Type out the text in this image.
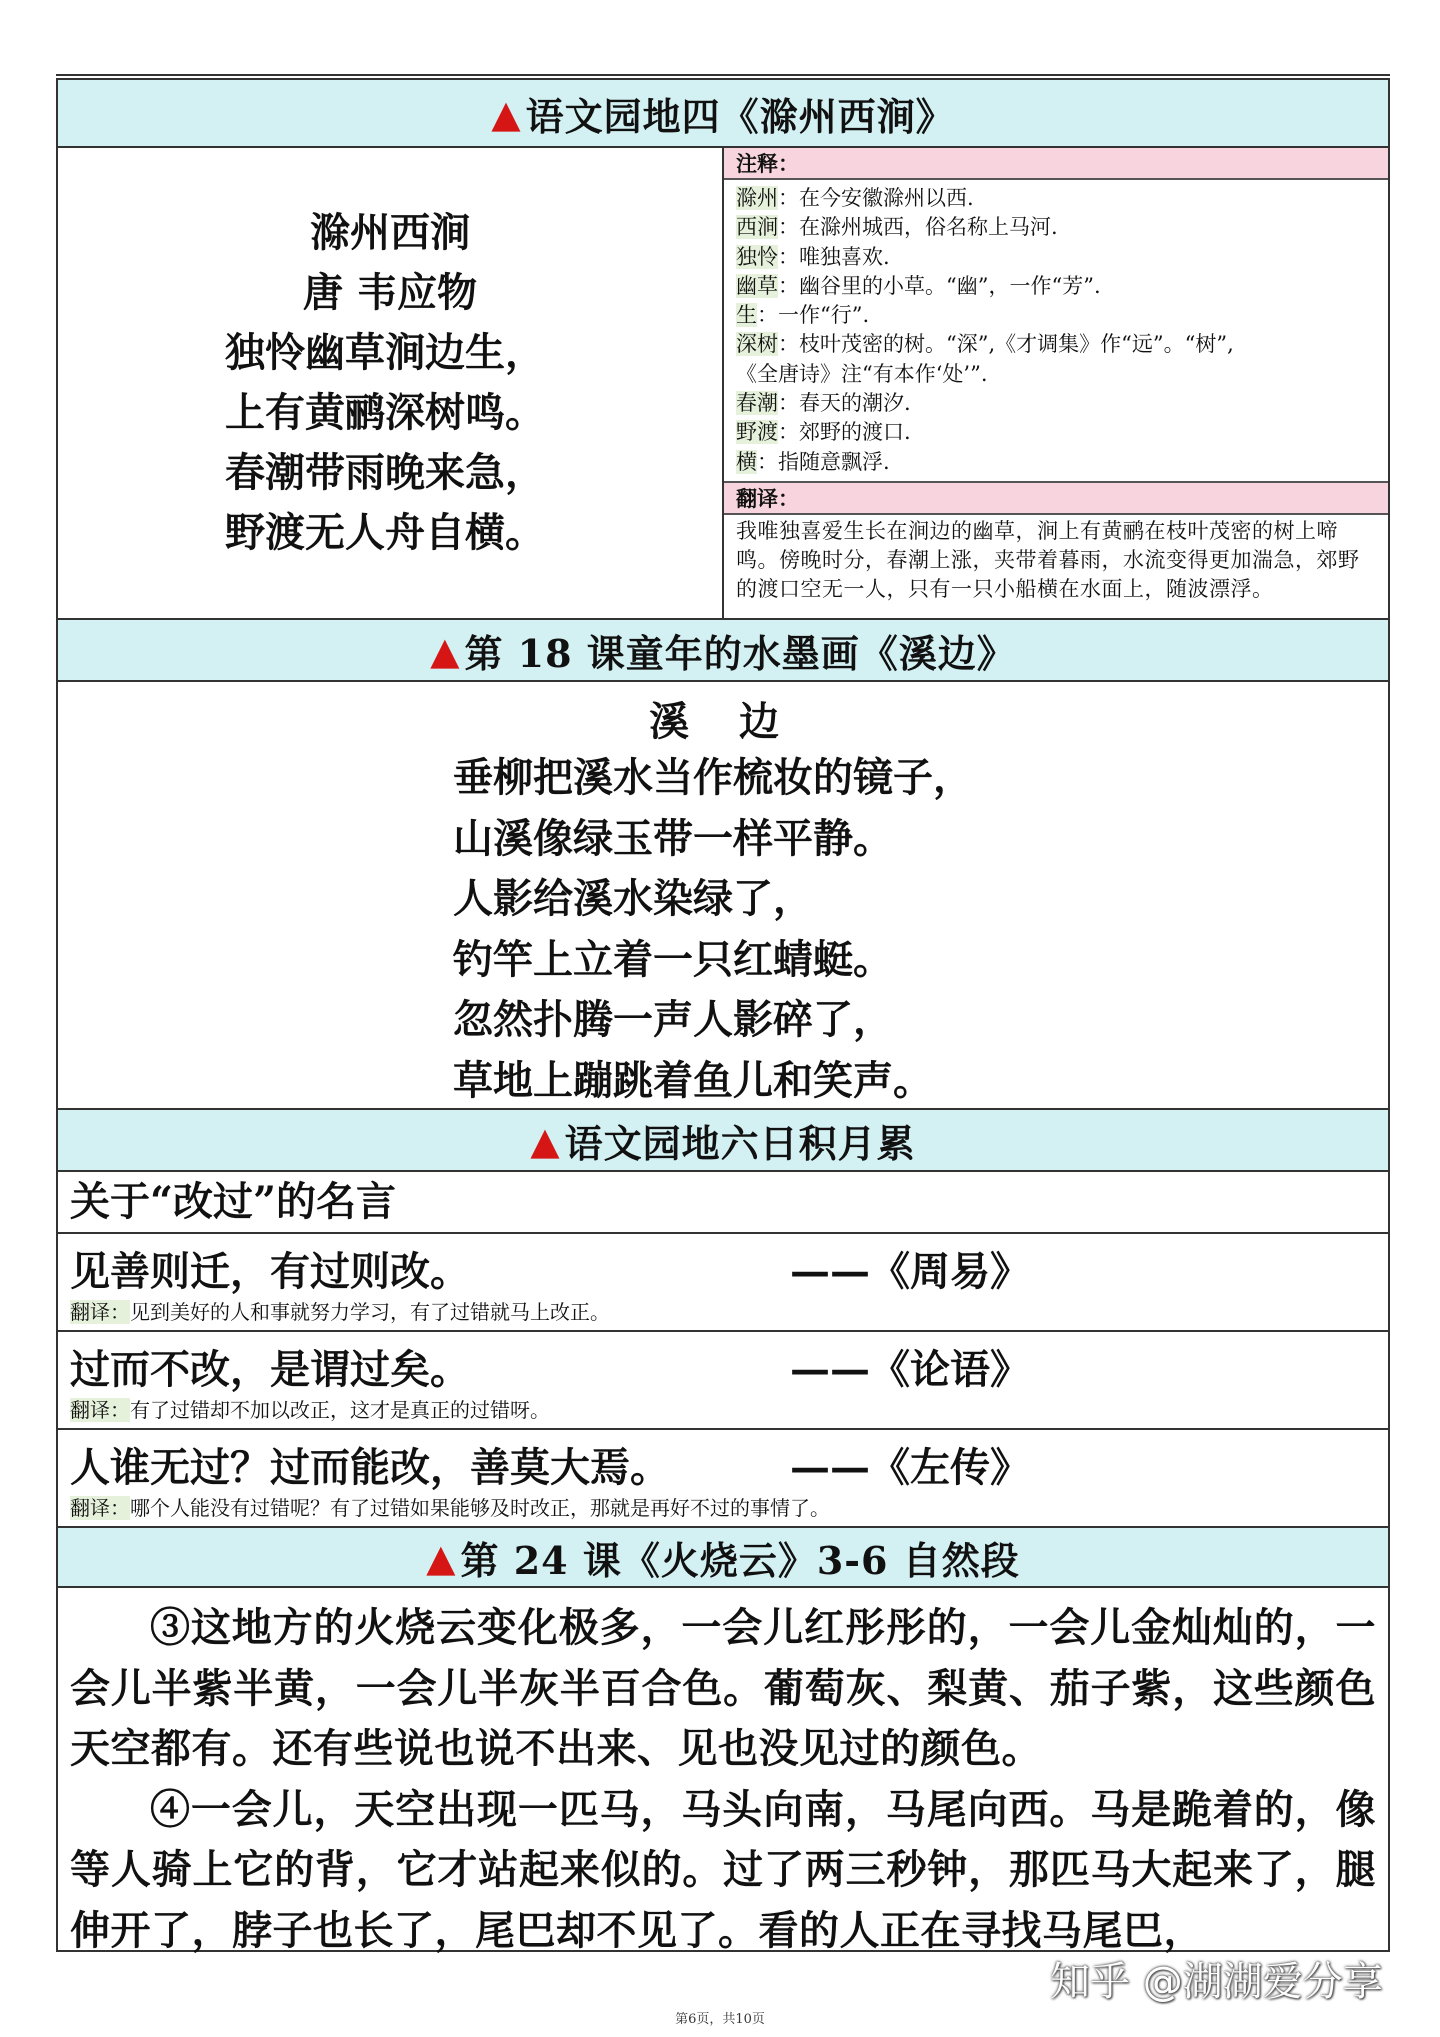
▲ 语文园地四《滁州西涧》
滁州西涧
唐 韦应物
独怜幽草涧边生，
上有黄鹂深树鸣。
春潮带雨晚来急，
野渡无人舟自横。
注释：
滁州：在今安徽滁州以西.
西涧：在滁州城西，俗名称上马河.
独怜：唯独喜欢.
幽草：幽谷里的小草。“幽”，一作“芳”.
生：一作“行”.
深树：枝叶茂密的树。“深”,《才调集》作“远”。“树”,
《全唐诗》注“有本作‘处’”.
春潮：春天的潮汐.
野渡：郊野的渡口.
横：指随意飘浮.
翻译：
我唯独喜爱生长在涧边的幽草，涧上有黄鹂在枝叶茂密的树上啼鸣。傍晚时分，春潮上涨，夹带着暮雨，水流变得更加湍急，郊野的渡口空无一人，只有一只小船横在水面上，随波漂浮。
▲ 第 18 课童年的水墨画《溪边》
溪 边
垂柳把溪水当作梳妆的镜子，
山溪像绿玉带一样平静。
人影给溪水染绿了，
钓竿上立着一只红蜻蜓。
忽然扑腾一声人影碎了，
草地上蹦跳着鱼儿和笑声。
▲ 语文园地六日积月累
关于“改过”的名言
见善则迁，有过则改。	——《周易》
翻译：见到美好的人和事就努力学习，有了过错就马上改正。
过而不改，是谓过矣。	——《论语》
翻译：有了过错却不加以改正，这才是真正的过错呀。
人谁无过？过而能改，善莫大焉。	——《左传》
翻译：哪个人能没有过错呢？有了过错如果能够及时改正，那就是再好不过的事情了。
▲ 第 24 课《火烧云》3-6 自然段
③这地方的火烧云变化极多，一会儿红彤彤的，一会儿金灿灿的，一会儿半紫半黄，一会儿半灰半百合色。葡萄灰、梨黄、茄子紫，这些颜色天空都有。还有些说也说不出来、见也没见过的颜色。
④一会儿，天空出现一匹马，马头向南，马尾向西。马是跪着的，像等人骑上它的背，它才站起来似的。过了两三秒钟，那匹马大起来了，腿伸开了，脖子也长了，尾巴却不见了。看的人正在寻找马尾巴，
知乎 @湖湖爱分享
第6页，共10页
